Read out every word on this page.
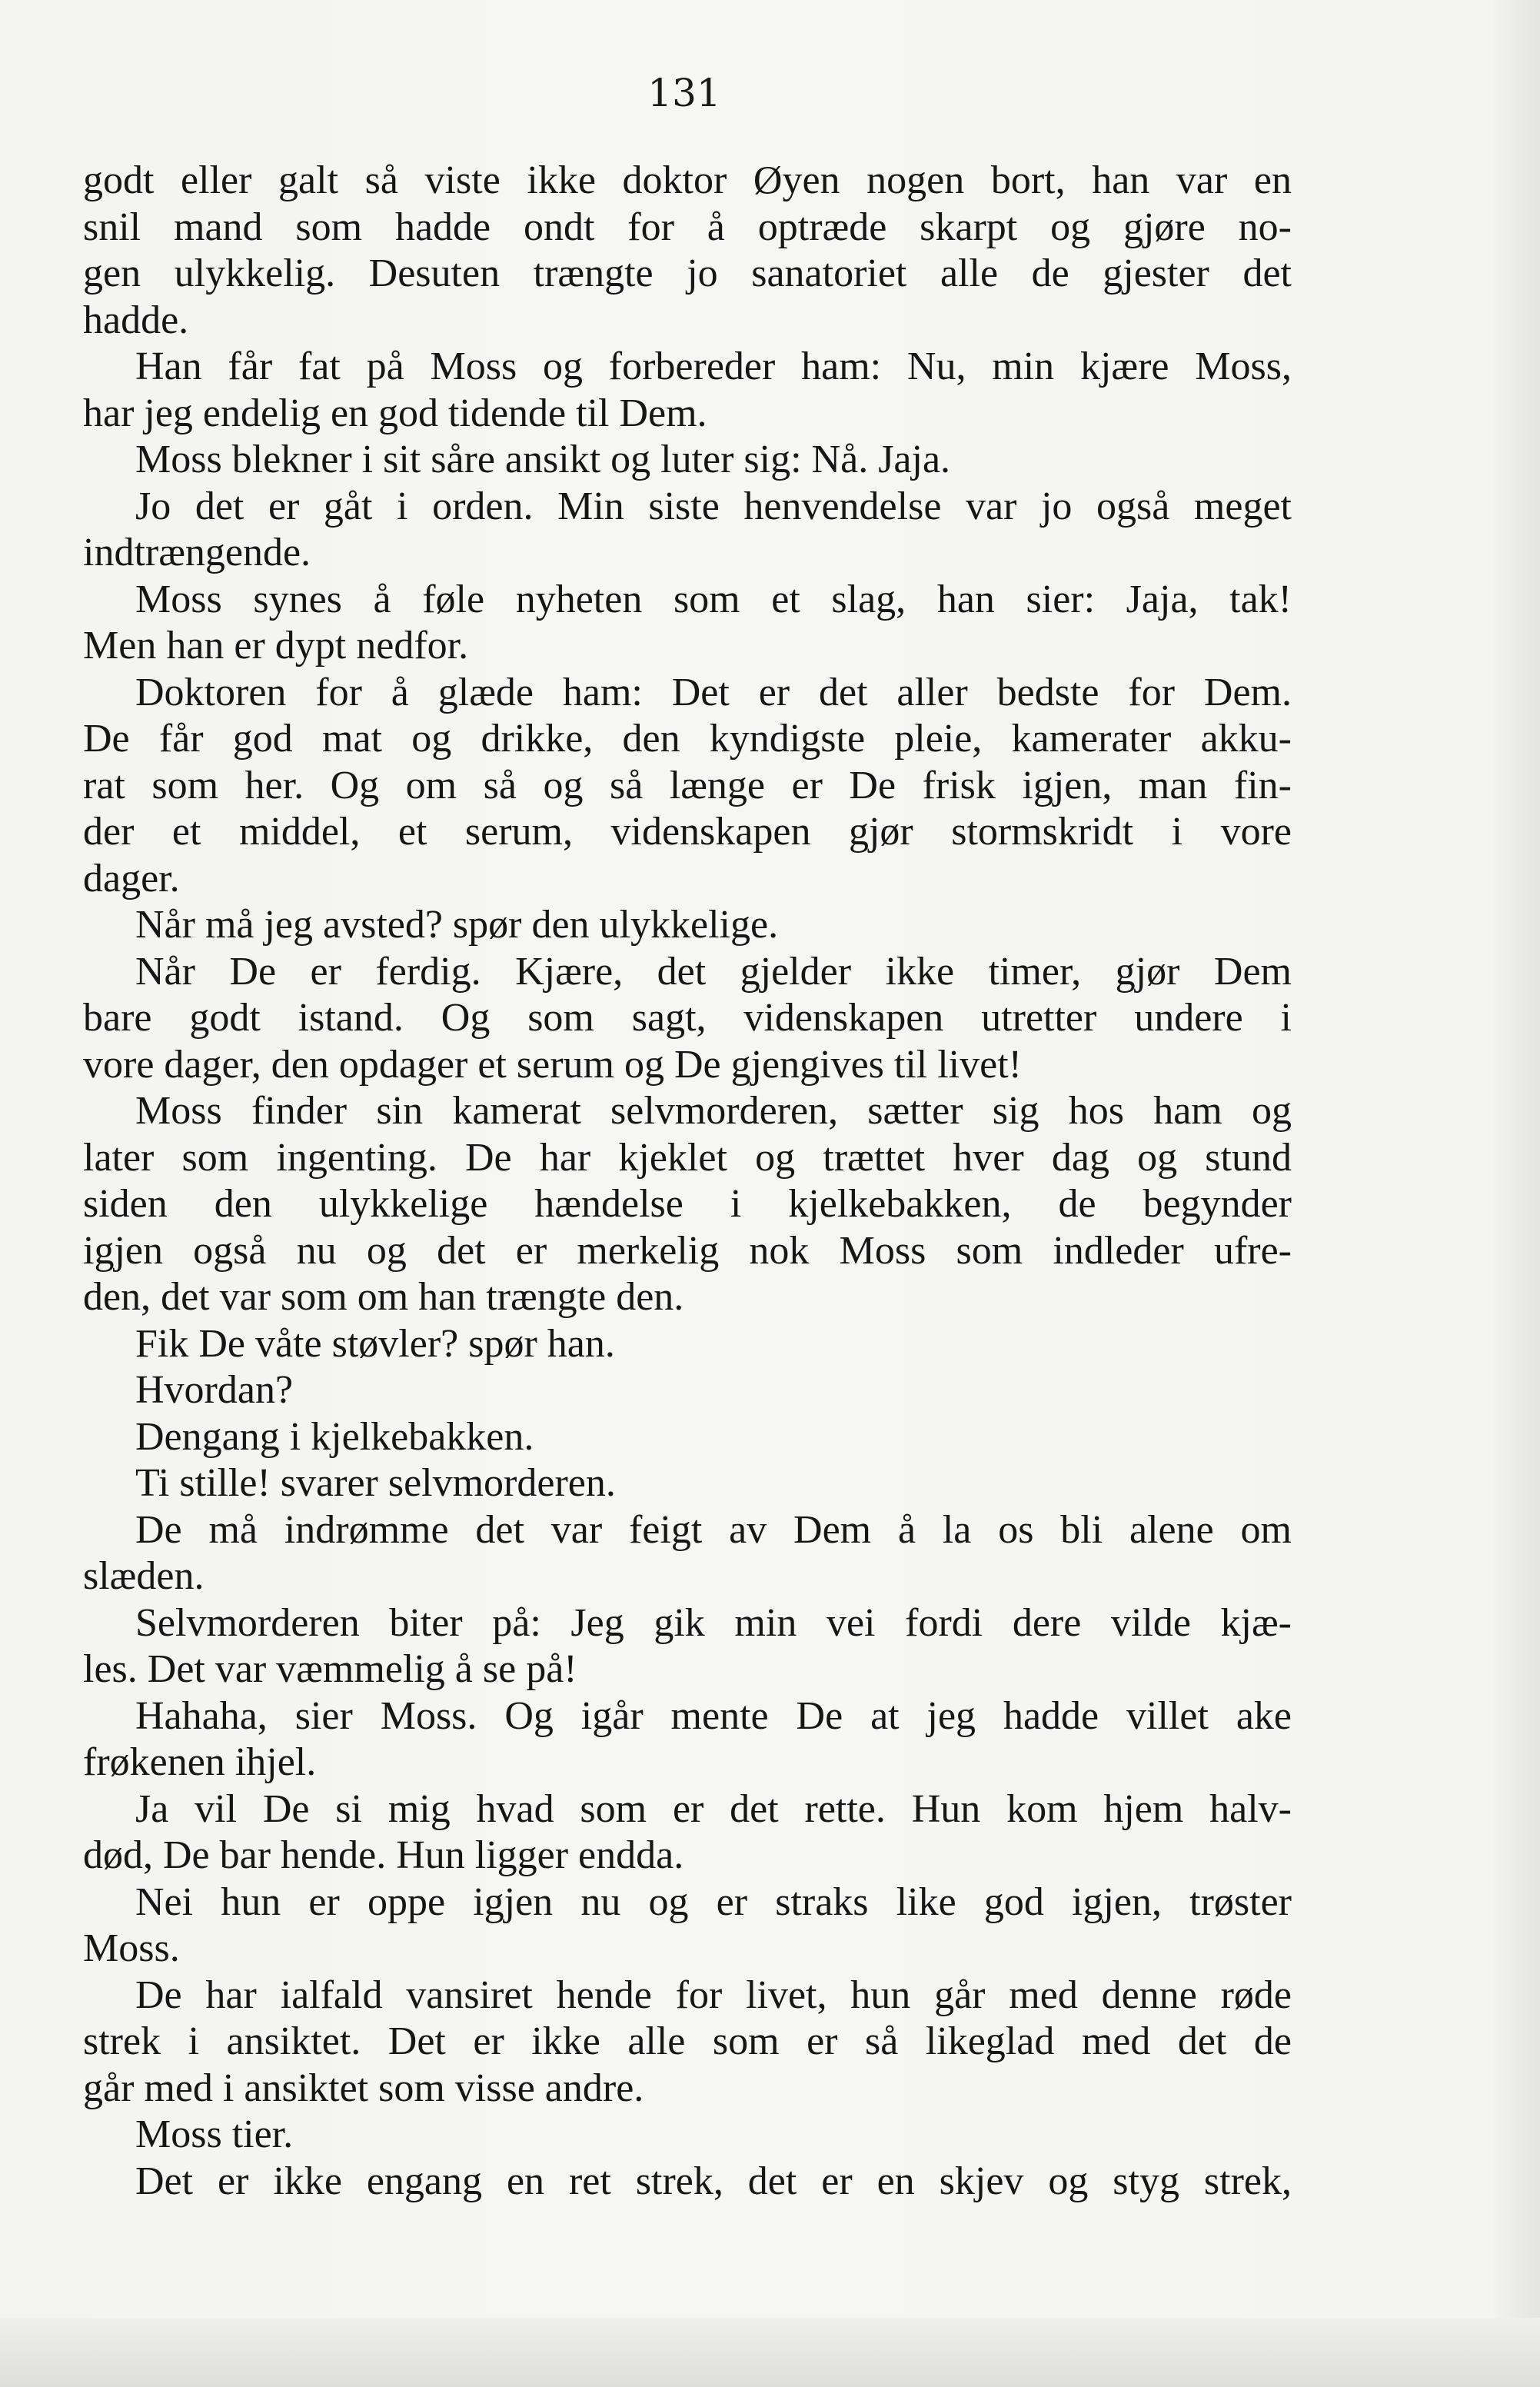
131
godt eller galt så viste ikke doktor Øyen nogen bort, han var en
snil mand som hadde ondt for å optræde skarpt og gjøre no-
gen ulykkelig. Desuten trængte jo sanatoriet alle de gjester det
hadde.
Han får fat på Moss og forbereder ham: Nu, min kjære Moss,
har jeg endelig en god tidende til Dem.
Moss blekner i sit såre ansikt og luter sig: Nå. Jaja.
Jo det er gåt i orden. Min siste henvendelse var jo også meget
indtrængende.
Moss synes å føle nyheten som et slag, han sier: Jaja, tak!
Men han er dypt nedfor.
Doktoren for å glæde ham: Det er det aller bedste for Dem.
De får god mat og drikke, den kyndigste pleie, kamerater akku-
rat som her. Og om så og så længe er De frisk igjen, man fin-
der et middel, et serum, videnskapen gjør stormskridt i vore
dager.
Når må jeg avsted? spør den ulykkelige.
Når De er ferdig. Kjære, det gjelder ikke timer, gjør Dem
bare godt istand. Og som sagt, videnskapen utretter undere i
vore dager, den opdager et serum og De gjengives til livet!
Moss finder sin kamerat selvmorderen, sætter sig hos ham og
later som ingenting. De har kjeklet og trættet hver dag og stund
siden den ulykkelige hændelse i kjelkebakken, de begynder
igjen også nu og det er merkelig nok Moss som indleder ufre-
den, det var som om han trængte den.
Fik De våte støvler? spør han.
Hvordan?
Dengang i kjelkebakken.
Ti stille! svarer selvmorderen.
De må indrømme det var feigt av Dem å la os bli alene om
slæden.
Selvmorderen biter på: Jeg gik min vei fordi dere vilde kjæ-
les. Det var væmmelig å se på!
Hahaha, sier Moss. Og igår mente De at jeg hadde villet ake
frøkenen ihjel.
Ja vil De si mig hvad som er det rette. Hun kom hjem halv-
død, De bar hende. Hun ligger endda.
Nei hun er oppe igjen nu og er straks like god igjen, trøster
Moss.
De har ialfald vansiret hende for livet, hun går med denne røde
strek i ansiktet. Det er ikke alle som er så likeglad med det de
går med i ansiktet som visse andre.
Moss tier.
Det er ikke engang en ret strek, det er en skjev og styg strek,
